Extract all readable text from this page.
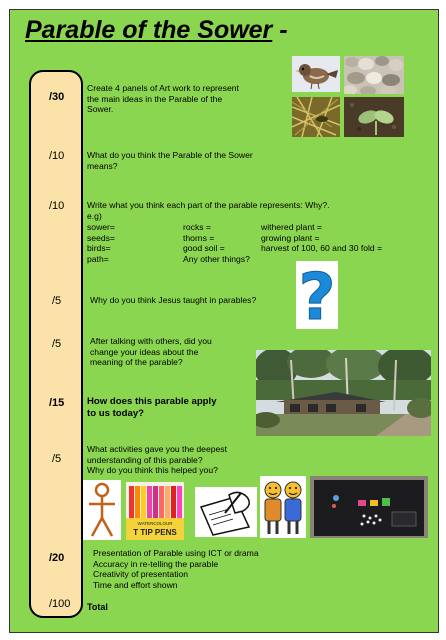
Parable of the Sower -
/30
/10
/10
/5
/5
/15
/5
/20
/100
Create 4 panels of Art work to represent
the main ideas in the Parable of the
Sower.
What do you think the Parable of the Sower
means?
Write what you think each part of the parable represents: Why?.
e.g)
sower=
seeds=
birds=
path=
rocks =
thorns =
good soil =
Any other things?
withered plant =
growing plant =
harvest of 100, 60 and 30 fold =
Why do you think Jesus taught in parables?
After talking with others, did you
change your ideas about the
meaning of the parable?
How does this parable apply
to us today?
What activities gave you the deepest
understanding of this parable?
Why do you think this helped you?
Presentation of Parable using ICT or drama
Accuracy in re-telling the parable
Creativity of presentation
Time and effort shown
Total
?
WATERCOLOUR
T TIP PENS
